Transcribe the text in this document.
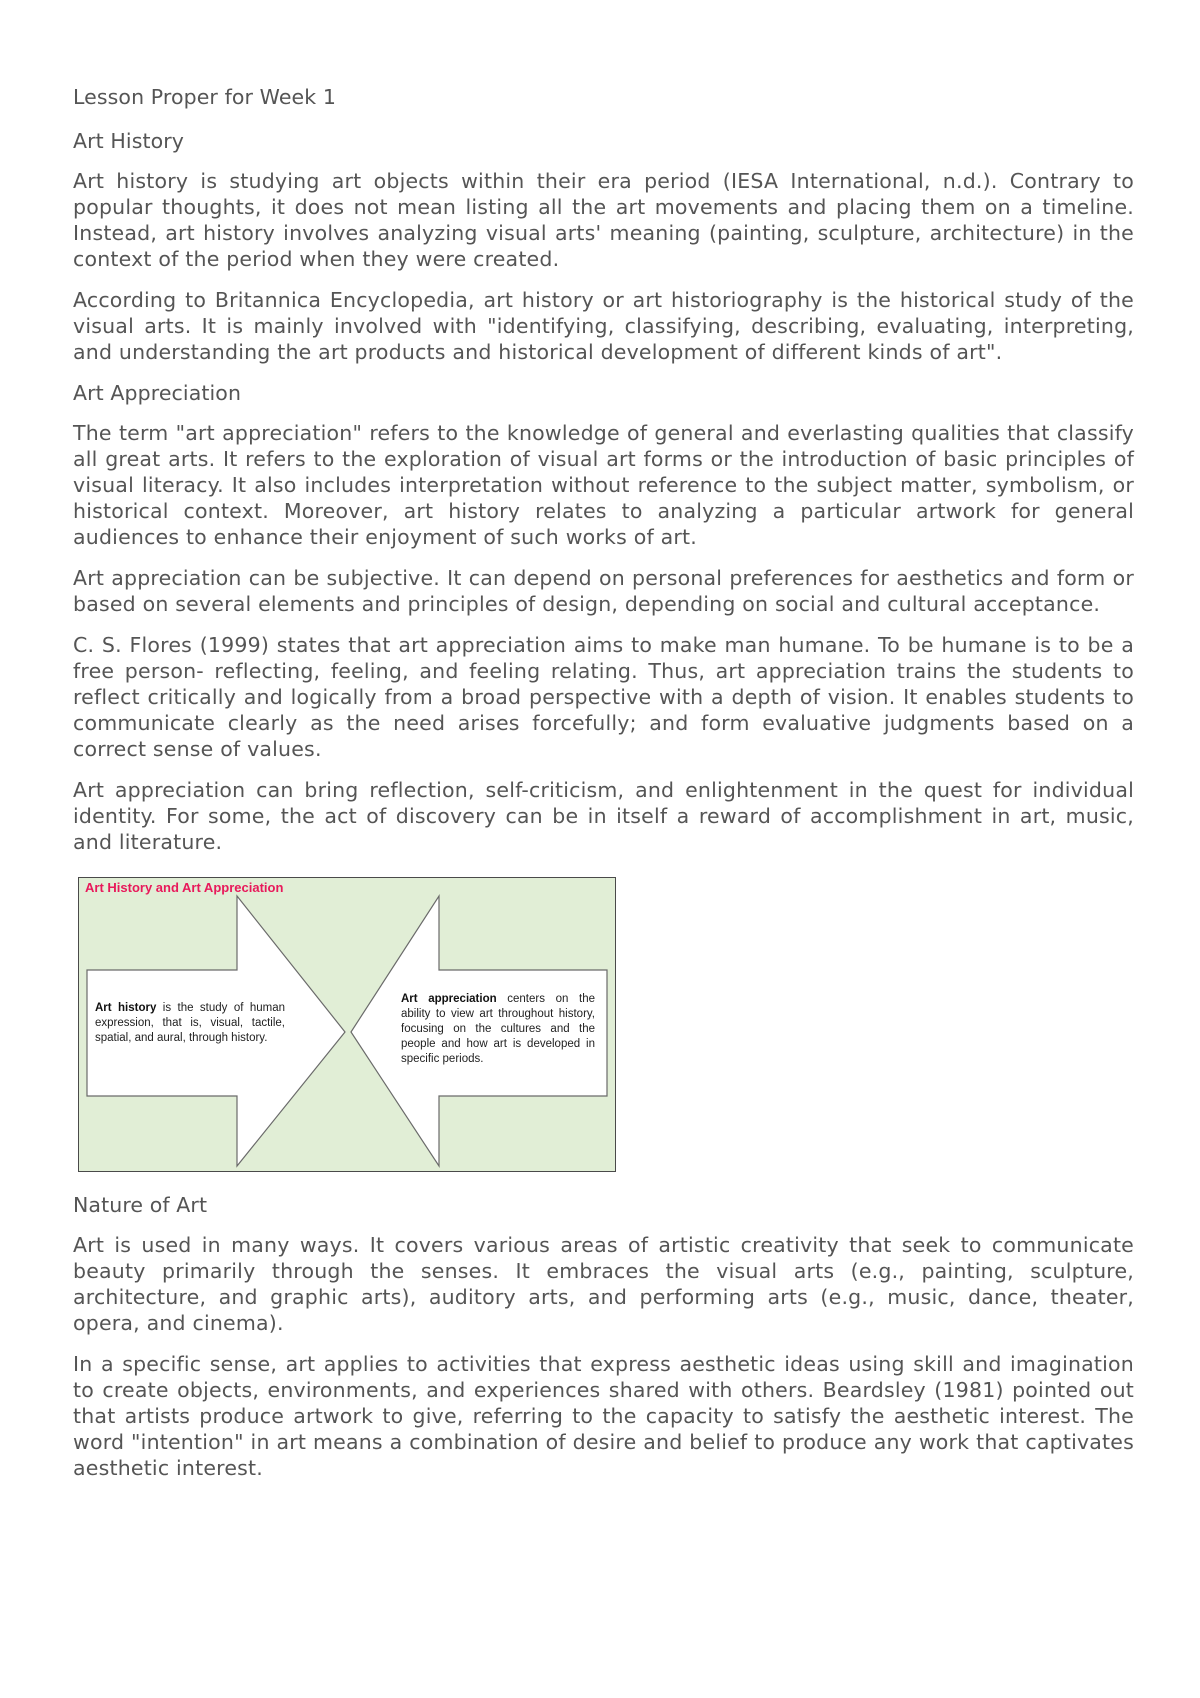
Lesson Proper for Week 1
Art History

Art history is studying art objects within their era period (IESA International, n.d.). Contrary to popular thoughts, it does not mean listing all the art movements and placing them on a timeline. Instead, art history involves analyzing visual arts' meaning (painting, sculpture, architecture) in the context of the period when they were created.

According to Britannica Encyclopedia, art history or art historiography is the historical study of the visual arts. It is mainly involved with "identifying, classifying, describing, evaluating, interpreting, and understanding the art products and historical development of different kinds of art".

Art Appreciation

The term "art appreciation" refers to the knowledge of general and everlasting qualities that classify all great arts. It refers to the exploration of visual art forms or the introduction of basic principles of visual literacy. It also includes interpretation without reference to the subject matter, symbolism, or historical context. Moreover, art history relates to analyzing a particular artwork for general audiences to enhance their enjoyment of such works of art.

Art appreciation can be subjective. It can depend on personal preferences for aesthetics and form or based on several elements and principles of design, depending on social and cultural acceptance.

C. S. Flores (1999) states that art appreciation aims to make man humane. To be humane is to be a free person- reflecting, feeling, and feeling relating. Thus, art appreciation trains the students to reflect critically and logically from a broad perspective with a depth of vision. It enables students to communicate clearly as the need arises forcefully; and form evaluative judgments based on a correct sense of values.

Art appreciation can bring reflection, self-criticism, and enlightenment in the quest for individual identity. For some, the act of discovery can be in itself a reward of accomplishment in art, music, and literature.

Art History and Art Appreciation
Art history is the study of human expression, that is, visual, tactile, spatial, and aural, through history.
Art appreciation centers on the ability to view art throughout history, focusing on the cultures and the people and how art is developed in specific periods.
Nature of Art

Art is used in many ways. It covers various areas of artistic creativity that seek to communicate beauty primarily through the senses. It embraces the visual arts (e.g., painting, sculpture, architecture, and graphic arts), auditory arts, and performing arts (e.g., music, dance, theater, opera, and cinema).

In a specific sense, art applies to activities that express aesthetic ideas using skill and imagination to create objects, environments, and experiences shared with others. Beardsley (1981) pointed out that artists produce artwork to give, referring to the capacity to satisfy the aesthetic interest. The word "intention" in art means a combination of desire and belief to produce any work that captivates aesthetic interest.
